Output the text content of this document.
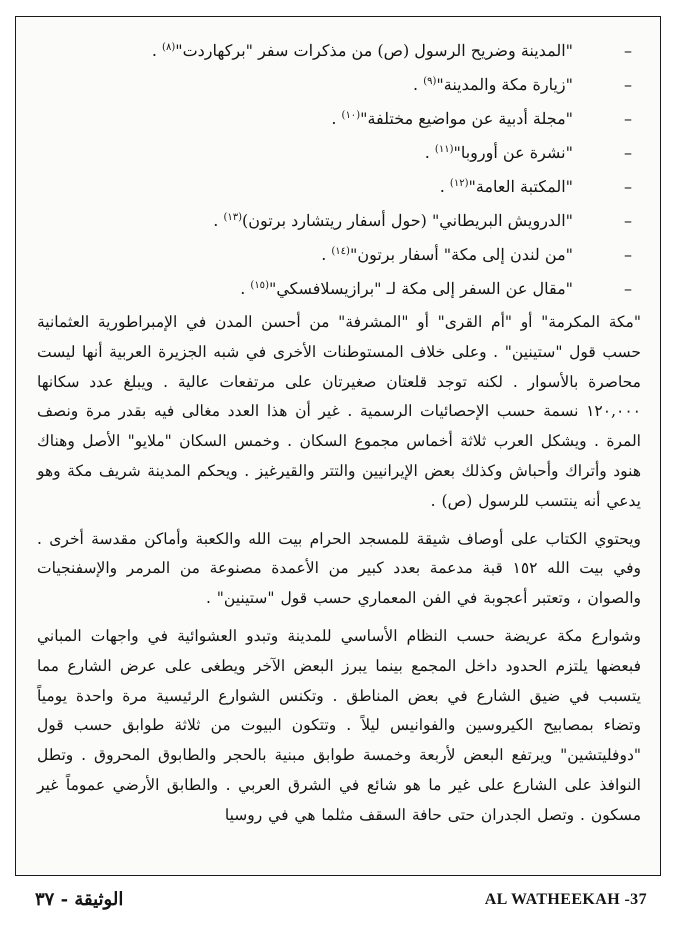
–
"المدينة وضريح الرسول (ص) من مذكرات سفر "بركهاردت"$^{(٨)}$ .
–
"زيارة مكة والمدينة"$^{(٩)}$ .
–
"مجلة أدبية عن مواضيع مختلفة"$^{(١٠)}$ .
–
"نشرة عن أوروبا"$^{(١١)}$ .
–
"المكتبة العامة"$^{(١٢)}$ .
–
"الدرويش البريطاني" (حول أسفار ريتشارد برتون)$^{(١٣)}$ .
–
"من لندن إلى مكة" أسفار برتون"$^{(١٤)}$ .
–
"مقال عن السفر إلى مكة لـ "برازيسلافسكي"$^{(١٥)}$ .

"مكة المكرمة" أو "أم القرى" أو "المشرفة" من أحسن المدن في الإمبراطورية العثمانية حسب قول "ستينين" . وعلى خلاف المستوطنات الأخرى في شبه الجزيرة العربية أنها ليست محاصرة بالأسوار . لكنه توجد قلعتان صغيرتان على مرتفعات عالية . ويبلغ عدد سكانها ١٢٠,٠٠٠ نسمة حسب الإحصائيات الرسمية . غير أن هذا العدد مغالى فيه بقدر مرة ونصف المرة . ويشكل العرب ثلاثة أخماس مجموع السكان . وخمس السكان "ملايو" الأصل وهناك هنود وأتراك وأحباش وكذلك بعض الإيرانيين والتتر والقيرغيز . ويحكم المدينة شريف مكة وهو يدعي أنه ينتسب للرسول (ص) .

ويحتوي الكتاب على أوصاف شيقة للمسجد الحرام بيت الله والكعبة وأماكن مقدسة أخرى . وفي بيت الله ١٥٢ قبة مدعمة بعدد كبير من الأعمدة مصنوعة من المرمر والإسفنجيات والصوان ، وتعتبر أعجوبة في الفن المعماري حسب قول "ستينين" .

وشوارع مكة عريضة حسب النظام الأساسي للمدينة وتبدو العشوائية في واجهات المباني فبعضها يلتزم الحدود داخل المجمع بينما يبرز البعض الآخر ويطغى على عرض الشارع مما يتسبب في ضيق الشارع في بعض المناطق . وتكنس الشوارع الرئيسية مرة واحدة يومياً وتضاء بمصابيح الكيروسين والفوانيس ليلاً . وتتكون البيوت من ثلاثة طوابق حسب قول "دوفليتشين" ويرتفع البعض لأربعة وخمسة طوابق مبنية بالحجر والطابوق المحروق . وتطل النوافذ على الشارع على غير ما هو شائع في الشرق العربي . والطابق الأرضي عموماً غير مسكون . وتصل الجدران حتى حافة السقف مثلما هي في روسيا

الوثيقة - ٣٧	AL WATHEEKAH -37
